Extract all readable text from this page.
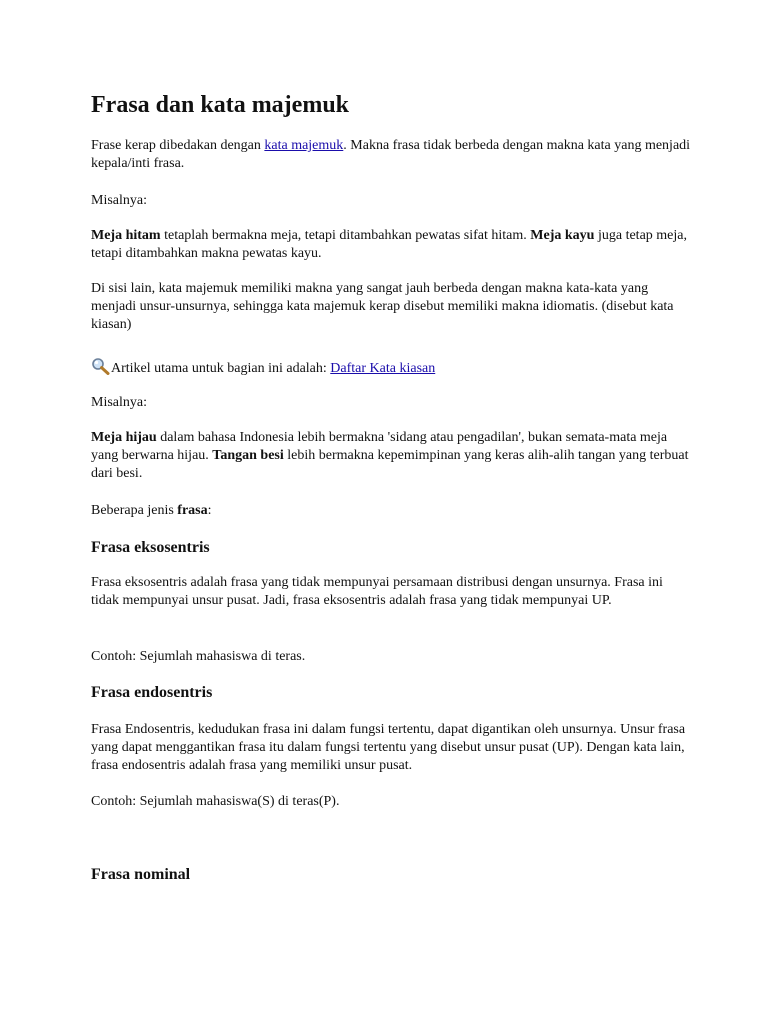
Frasa dan kata majemuk

Frase kerap dibedakan dengan kata majemuk. Makna frasa tidak berbeda dengan makna kata yang menjadi kepala/inti frasa.

Misalnya:

Meja hitam tetaplah bermakna meja, tetapi ditambahkan pewatas sifat hitam. Meja kayu juga tetap meja, tetapi ditambahkan makna pewatas kayu.

Di sisi lain, kata majemuk memiliki makna yang sangat jauh berbeda dengan makna kata-kata yang menjadi unsur-unsurnya, sehingga kata majemuk kerap disebut memiliki makna idiomatis. (disebut kata kiasan)

Artikel utama untuk bagian ini adalah: Daftar Kata kiasan

Misalnya:

Meja hijau dalam bahasa Indonesia lebih bermakna 'sidang atau pengadilan', bukan semata-mata meja yang berwarna hijau. Tangan besi lebih bermakna kepemimpinan yang keras alih-alih tangan yang terbuat dari besi.

Beberapa jenis frasa:

Frasa eksosentris

Frasa eksosentris adalah frasa yang tidak mempunyai persamaan distribusi dengan unsurnya. Frasa ini tidak mempunyai unsur pusat. Jadi, frasa eksosentris adalah frasa yang tidak mempunyai UP.

Contoh: Sejumlah mahasiswa di teras.

Frasa endosentris

Frasa Endosentris, kedudukan frasa ini dalam fungsi tertentu, dapat digantikan oleh unsurnya. Unsur frasa yang dapat menggantikan frasa itu dalam fungsi tertentu yang disebut unsur pusat (UP). Dengan kata lain, frasa endosentris adalah frasa yang memiliki unsur pusat.

Contoh: Sejumlah mahasiswa(S) di teras(P).

Frasa nominal
